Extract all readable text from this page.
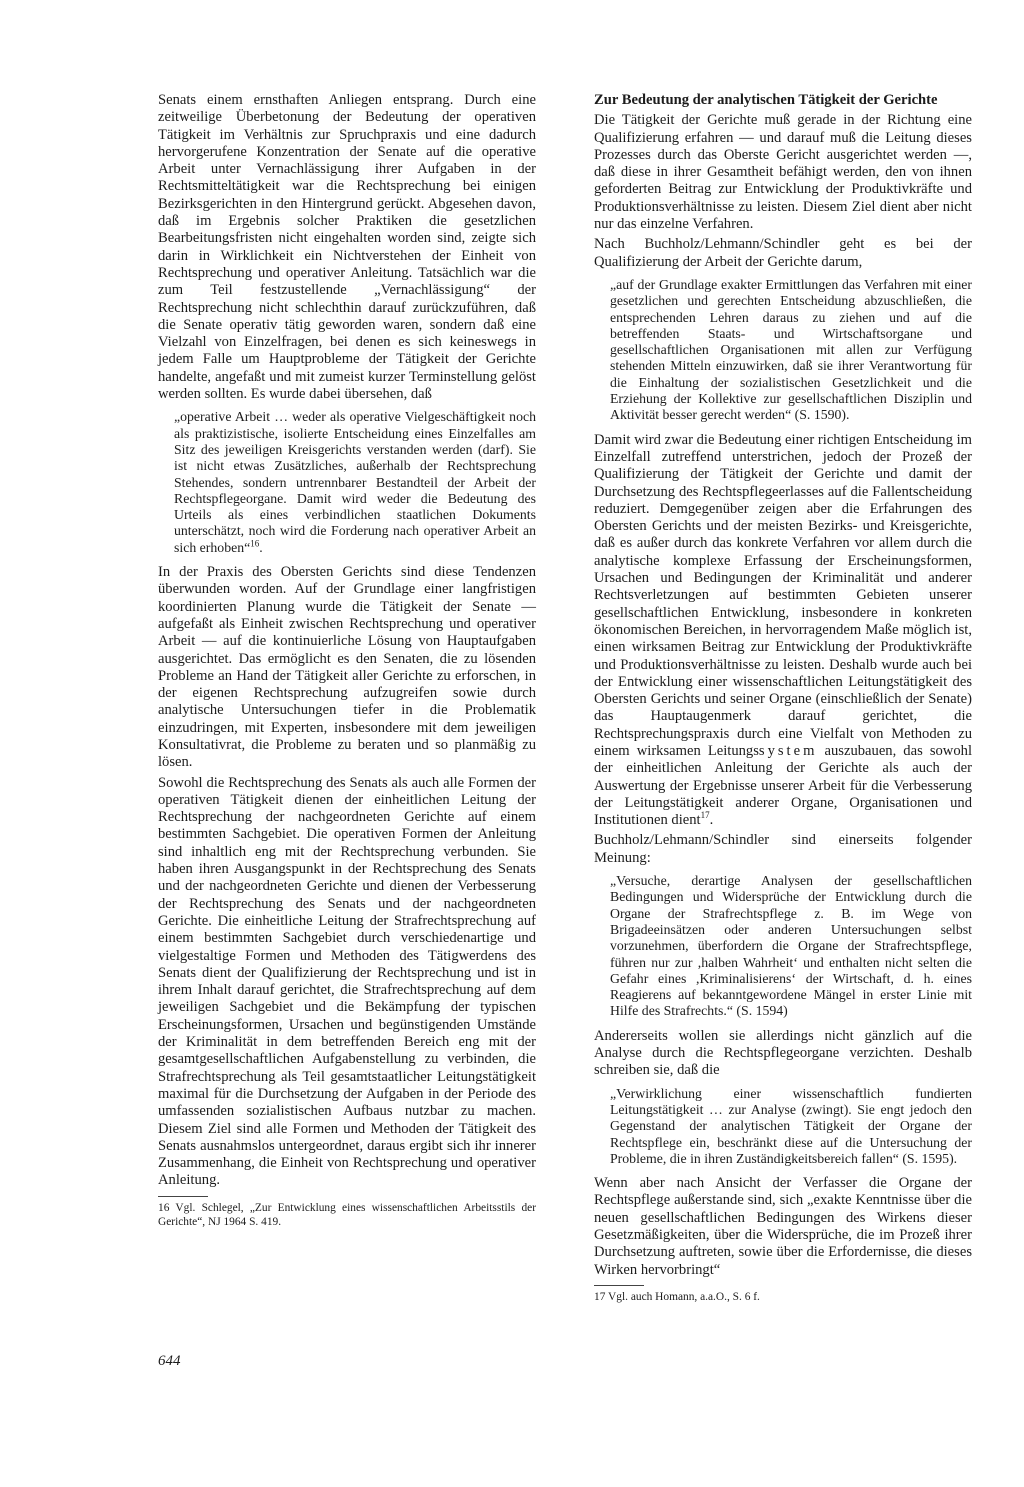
Senats einem ernsthaften Anliegen entsprang. Durch eine zeitweilige Überbetonung der Bedeutung der operativen Tätigkeit im Verhältnis zur Spruchpraxis und eine dadurch hervorgerufene Konzentration der Senate auf die operative Arbeit unter Vernachlässigung ihrer Aufgaben in der Rechtsmitteltätigkeit war die Rechtsprechung bei einigen Bezirksgerichten in den Hintergrund gerückt. Abgesehen davon, daß im Ergebnis solcher Praktiken die gesetzlichen Bearbeitungsfristen nicht eingehalten worden sind, zeigte sich darin in Wirklichkeit ein Nichtverstehen der Einheit von Rechtsprechung und operativer Anleitung. Tatsächlich war die zum Teil festzustellende „Vernachlässigung“ der Rechtsprechung nicht schlechthin darauf zurückzuführen, daß die Senate operativ tätig geworden waren, sondern daß eine Vielzahl von Einzelfragen, bei denen es sich keineswegs in jedem Falle um Hauptprobleme der Tätigkeit der Gerichte handelte, angefaßt und mit zumeist kurzer Terminstellung gelöst werden sollten. Es wurde dabei übersehen, daß

„operative Arbeit … weder als operative Vielgeschäftigkeit noch als praktizistische, isolierte Entscheidung eines Einzelfalles am Sitz des jeweiligen Kreisgerichts verstanden werden (darf). Sie ist nicht etwas Zusätzliches, außerhalb der Rechtsprechung Stehendes, sondern untrennbarer Bestandteil der Arbeit der Rechtspflegeorgane. Damit wird weder die Bedeutung des Urteils als eines verbindlichen staatlichen Dokuments unterschätzt, noch wird die Forderung nach operativer Arbeit an sich erhoben“$^{16}$.

In der Praxis des Obersten Gerichts sind diese Tendenzen überwunden worden. Auf der Grundlage einer langfristigen koordinierten Planung wurde die Tätigkeit der Senate — aufgefaßt als Einheit zwischen Rechtsprechung und operativer Arbeit — auf die kontinuierliche Lösung von Hauptaufgaben ausgerichtet. Das ermöglicht es den Senaten, die zu lösenden Probleme an Hand der Tätigkeit aller Gerichte zu erforschen, in der eigenen Rechtsprechung aufzugreifen sowie durch analytische Untersuchungen tiefer in die Problematik einzudringen, mit Experten, insbesondere mit dem jeweiligen Konsultativrat, die Probleme zu beraten und so planmäßig zu lösen.

Sowohl die Rechtsprechung des Senats als auch alle Formen der operativen Tätigkeit dienen der einheitlichen Leitung der Rechtsprechung der nachgeordneten Gerichte auf einem bestimmten Sachgebiet. Die operativen Formen der Anleitung sind inhaltlich eng mit der Rechtsprechung verbunden. Sie haben ihren Ausgangspunkt in der Rechtsprechung des Senats und der nachgeordneten Gerichte und dienen der Verbesserung der Rechtsprechung des Senats und der nachgeordneten Gerichte. Die einheitliche Leitung der Strafrechtsprechung auf einem bestimmten Sachgebiet durch verschiedenartige und vielgestaltige Formen und Methoden des Tätigwerdens des Senats dient der Qualifizierung der Rechtsprechung und ist in ihrem Inhalt darauf gerichtet, die Strafrechtsprechung auf dem jeweiligen Sachgebiet und die Bekämpfung der typischen Erscheinungsformen, Ursachen und begünstigenden Umstände der Kriminalität in dem betreffenden Bereich eng mit der gesamtgesellschaftlichen Aufgabenstellung zu verbinden, die Strafrechtsprechung als Teil gesamtstaatlicher Leitungstätigkeit maximal für die Durchsetzung der Aufgaben in der Periode des umfassenden sozialistischen Aufbaus nutzbar zu machen. Diesem Ziel sind alle Formen und Methoden der Tätigkeit des Senats ausnahmslos untergeordnet, daraus ergibt sich ihr innerer Zusammenhang, die Einheit von Rechtsprechung und operativer Anleitung.

16 Vgl. Schlegel, „Zur Entwicklung eines wissenschaftlichen Arbeitsstils der Gerichte“, NJ 1964 S. 419.

Zur Bedeutung der analytischen Tätigkeit der Gerichte

Die Tätigkeit der Gerichte muß gerade in der Richtung eine Qualifizierung erfahren — und darauf muß die Leitung dieses Prozesses durch das Oberste Gericht ausgerichtet werden —, daß diese in ihrer Gesamtheit befähigt werden, den von ihnen geforderten Beitrag zur Entwicklung der Produktivkräfte und Produktionsverhältnisse zu leisten. Diesem Ziel dient aber nicht nur das einzelne Verfahren.

Nach Buchholz/Lehmann/Schindler geht es bei der Qualifizierung der Arbeit der Gerichte darum,

„auf der Grundlage exakter Ermittlungen das Verfahren mit einer gesetzlichen und gerechten Entscheidung abzuschließen, die entsprechenden Lehren daraus zu ziehen und auf die betreffenden Staats- und Wirtschaftsorgane und gesellschaftlichen Organisationen mit allen zur Verfügung stehenden Mitteln einzuwirken, daß sie ihrer Verantwortung für die Einhaltung der sozialistischen Gesetzlichkeit und die Erziehung der Kollektive zur gesellschaftlichen Disziplin und Aktivität besser gerecht werden“ (S. 1590).

Damit wird zwar die Bedeutung einer richtigen Entscheidung im Einzelfall zutreffend unterstrichen, jedoch der Prozeß der Qualifizierung der Tätigkeit der Gerichte und damit der Durchsetzung des Rechtspflegeerlasses auf die Fallentscheidung reduziert. Demgegenüber zeigen aber die Erfahrungen des Obersten Gerichts und der meisten Bezirks- und Kreisgerichte, daß es außer durch das konkrete Verfahren vor allem durch die analytische komplexe Erfassung der Erscheinungsformen, Ursachen und Bedingungen der Kriminalität und anderer Rechtsverletzungen auf bestimmten Gebieten unserer gesellschaftlichen Entwicklung, insbesondere in konkreten ökonomischen Bereichen, in hervorragendem Maße möglich ist, einen wirksamen Beitrag zur Entwicklung der Produktivkräfte und Produktionsverhältnisse zu leisten. Deshalb wurde auch bei der Entwicklung einer wissenschaftlichen Leitungstätigkeit des Obersten Gerichts und seiner Organe (einschließlich der Senate) das Hauptaugenmerk darauf gerichtet, die Rechtsprechungspraxis durch eine Vielfalt von Methoden zu einem wirksamen Leitungssystem auszubauen, das sowohl der einheitlichen Anleitung der Gerichte als auch der Auswertung der Ergebnisse unserer Arbeit für die Verbesserung der Leitungstätigkeit anderer Organe, Organisationen und Institutionen dient$^{17}$.

Buchholz/Lehmann/Schindler sind einerseits folgender Meinung:

„Versuche, derartige Analysen der gesellschaftlichen Bedingungen und Widersprüche der Entwicklung durch die Organe der Strafrechtspflege z. B. im Wege von Brigadeeinsätzen oder anderen Untersuchungen selbst vorzunehmen, überfordern die Organe der Strafrechtspflege, führen nur zur ,halben Wahrheit‘ und enthalten nicht selten die Gefahr eines ,Kriminalisierens‘ der Wirtschaft, d. h. eines Reagierens auf bekanntgewordene Mängel in erster Linie mit Hilfe des Strafrechts.“ (S. 1594)

Andererseits wollen sie allerdings nicht gänzlich auf die Analyse durch die Rechtspflegeorgane verzichten. Deshalb schreiben sie, daß die

„Verwirklichung einer wissenschaftlich fundierten Leitungstätigkeit … zur Analyse (zwingt). Sie engt jedoch den Gegenstand der analytischen Tätigkeit der Organe der Rechtspflege ein, beschränkt diese auf die Untersuchung der Probleme, die in ihren Zuständigkeitsbereich fallen“ (S. 1595).

Wenn aber nach Ansicht der Verfasser die Organe der Rechtspflege außerstande sind, sich „exakte Kenntnisse über die neuen gesellschaftlichen Bedingungen des Wirkens dieser Gesetzmäßigkeiten, über die Widersprüche, die im Prozeß ihrer Durchsetzung auftreten, sowie über die Erfordernisse, die dieses Wirken hervorbringt“

17 Vgl. auch Homann, a.a.O., S. 6 f.

644
